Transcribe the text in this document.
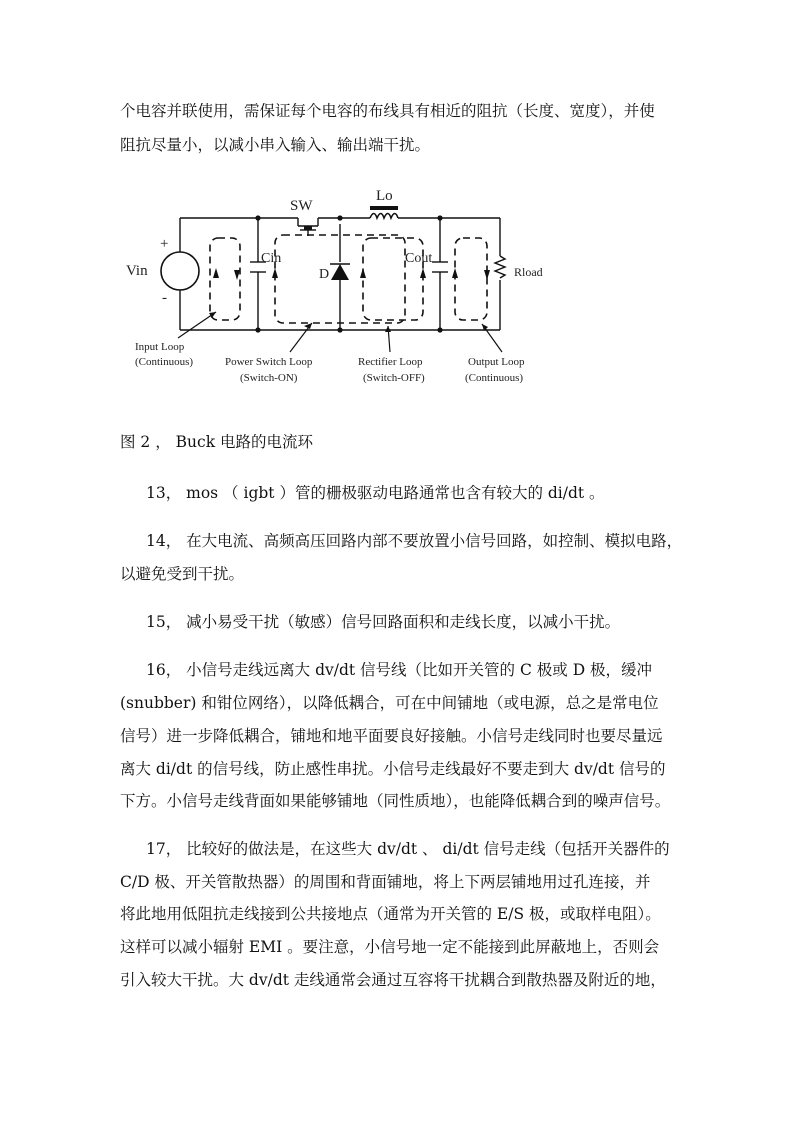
个电容并联使用，需保证每个电容的布线具有相近的阻抗（长度、宽度），并使
阻抗尽量小，以减小串入输入、输出端干扰。
SW
Lo
Vin
+
-
Cin
D
Cout
Rload
Input Loop
(Continuous)	Power Switch Loop
(Switch-ON)
Rectifier Loop
(Switch-OFF)
Output Loop
(Continuous)
图 2 ， Buck 电路的电流环
13， mos （ igbt ）管的栅极驱动电路通常也含有较大的 di/dt 。
14， 在大电流、高频高压回路内部不要放置小信号回路，如控制、模拟电路，
以避免受到干扰。
15， 减小易受干扰（敏感）信号回路面积和走线长度，以减小干扰。
16， 小信号走线远离大 dv/dt 信号线（比如开关管的 C 极或 D 极，缓冲
(snubber) 和钳位网络），以降低耦合，可在中间铺地（或电源，总之是常电位
信号）进一步降低耦合，铺地和地平面要良好接触。小信号走线同时也要尽量远
离大 di/dt 的信号线，防止感性串扰。小信号走线最好不要走到大 dv/dt 信号的
下方。小信号走线背面如果能够铺地（同性质地），也能降低耦合到的噪声信号。
17， 比较好的做法是，在这些大 dv/dt 、 di/dt 信号走线（包括开关器件的
C/D 极、开关管散热器）的周围和背面铺地，将上下两层铺地用过孔连接，并
将此地用低阻抗走线接到公共接地点（通常为开关管的 E/S 极，或取样电阻）。
这样可以减小辐射 EMI 。要注意，小信号地一定不能接到此屏蔽地上，否则会
引入较大干扰。大 dv/dt 走线通常会通过互容将干扰耦合到散热器及附近的地，
